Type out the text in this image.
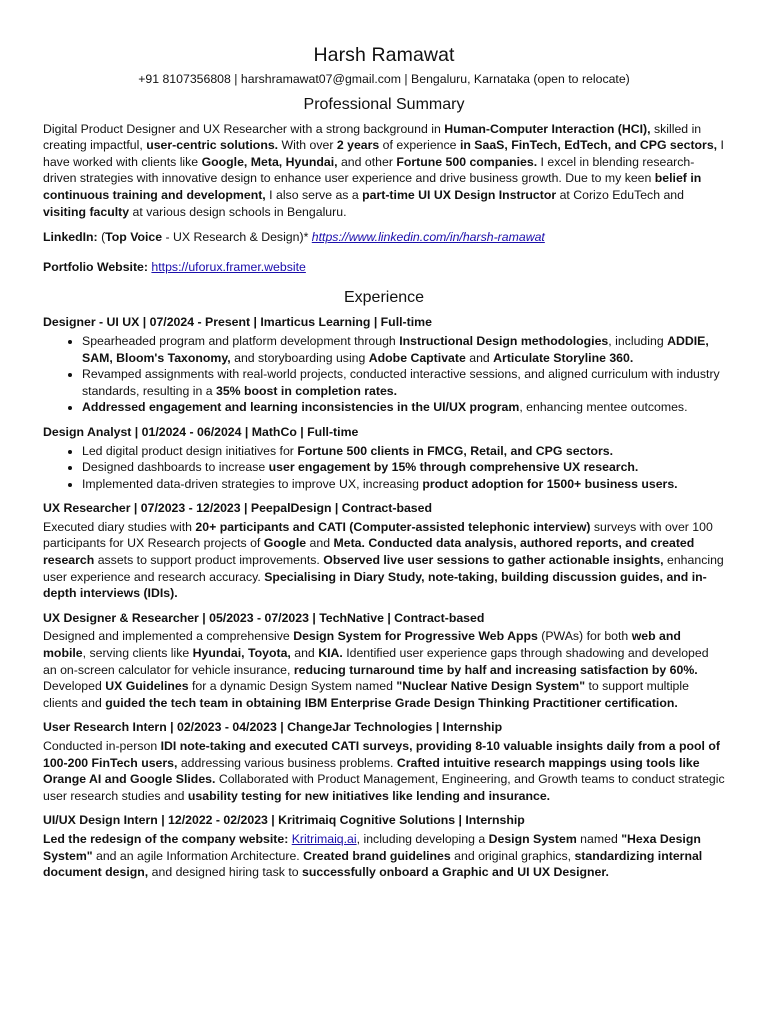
Harsh Ramawat
+91 8107356808 | harshramawat07@gmail.com | Bengaluru, Karnataka (open to relocate)
Professional Summary

Digital Product Designer and UX Researcher with a strong background in Human-Computer Interaction (HCI), skilled in creating impactful, user-centric solutions. With over 2 years of experience in SaaS, FinTech, EdTech, and CPG sectors, I have worked with clients like Google, Meta, Hyundai, and other Fortune 500 companies. I excel in blending research-driven strategies with innovative design to enhance user experience and drive business growth. Due to my keen belief in continuous training and development, I also serve as a part-time UI UX Design Instructor at Corizo EduTech and visiting faculty at various design schools in Bengaluru.

LinkedIn: (Top Voice - UX Research & Design)* https://www.linkedin.com/in/harsh-ramawat

Portfolio Website: https://uforux.framer.website

Experience
Designer - UI UX | 07/2024 - Present | Imarticus Learning | Full-time
• Spearheaded program and platform development through Instructional Design methodologies, including ADDIE, SAM, Bloom's Taxonomy, and storyboarding using Adobe Captivate and Articulate Storyline 360.
• Revamped assignments with real-world projects, conducted interactive sessions, and aligned curriculum with industry standards, resulting in a 35% boost in completion rates.
• Addressed engagement and learning inconsistencies in the UI/UX program, enhancing mentee outcomes.
Design Analyst | 01/2024 - 06/2024 | MathCo | Full-time
• Led digital product design initiatives for Fortune 500 clients in FMCG, Retail, and CPG sectors.
• Designed dashboards to increase user engagement by 15% through comprehensive UX research.
• Implemented data-driven strategies to improve UX, increasing product adoption for 1500+ business users.
UX Researcher | 07/2023 - 12/2023 | PeepalDesign | Contract-based

Executed diary studies with 20+ participants and CATI (Computer-assisted telephonic interview) surveys with over 100 participants for UX Research projects of Google and Meta. Conducted data analysis, authored reports, and created research assets to support product improvements. Observed live user sessions to gather actionable insights, enhancing user experience and research accuracy. Specialising in Diary Study, note-taking, building discussion guides, and in-depth interviews (IDIs).

UX Designer & Researcher | 05/2023 - 07/2023 | TechNative | Contract-based

Designed and implemented a comprehensive Design System for Progressive Web Apps (PWAs) for both web and mobile, serving clients like Hyundai, Toyota, and KIA. Identified user experience gaps through shadowing and developed an on-screen calculator for vehicle insurance, reducing turnaround time by half and increasing satisfaction by 60%. Developed UX Guidelines for a dynamic Design System named "Nuclear Native Design System" to support multiple clients and guided the tech team in obtaining IBM Enterprise Grade Design Thinking Practitioner certification.

User Research Intern | 02/2023 - 04/2023 | ChangeJar Technologies | Internship

Conducted in-person IDI note-taking and executed CATI surveys, providing 8-10 valuable insights daily from a pool of 100-200 FinTech users, addressing various business problems. Crafted intuitive research mappings using tools like Orange AI and Google Slides. Collaborated with Product Management, Engineering, and Growth teams to conduct strategic user research studies and usability testing for new initiatives like lending and insurance.

UI/UX Design Intern | 12/2022 - 02/2023 | Kritrimaiq Cognitive Solutions | Internship

Led the redesign of the company website: Kritrimaiq.ai, including developing a Design System named "Hexa Design System" and an agile Information Architecture. Created brand guidelines and original graphics, standardizing internal document design, and designed hiring task to successfully onboard a Graphic and UI UX Designer.
